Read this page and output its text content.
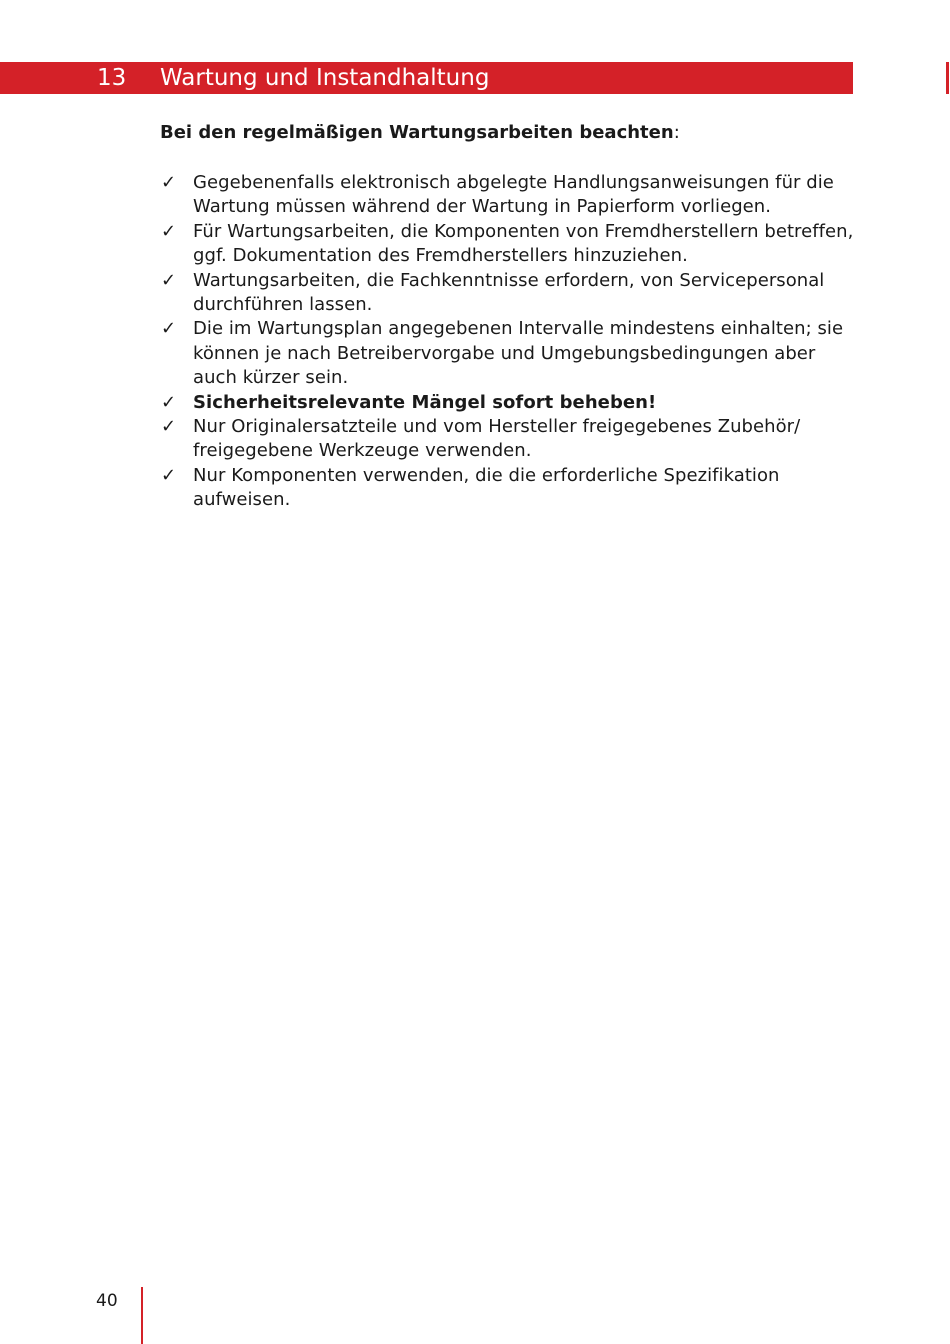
13 Wartung und Instandhaltung
Bei den regelmäßigen Wartungsarbeiten beachten:
✓ Gegebenenfalls elektronisch abgelegte Handlungsanweisungen für die Wartung müssen während der Wartung in Papierform vorliegen.
✓ Für Wartungsarbeiten, die Komponenten von Fremdherstellern betreffen, ggf. Dokumentation des Fremdherstellers hinzuziehen.
✓ Wartungsarbeiten, die Fachkenntnisse erfordern, von Servicepersonal durchführen lassen.
✓ Die im Wartungsplan angegebenen Intervalle mindestens einhalten; sie können je nach Betreibervorgabe und Umgebungsbedingungen aber auch kürzer sein.
✓ Sicherheitsrelevante Mängel sofort beheben!
✓ Nur Originalersatzteile und vom Hersteller freigegebenes Zubehör/ freigegebene Werkzeuge verwenden.
✓ Nur Komponenten verwenden, die die erforderliche Spezifikation aufweisen.
40
